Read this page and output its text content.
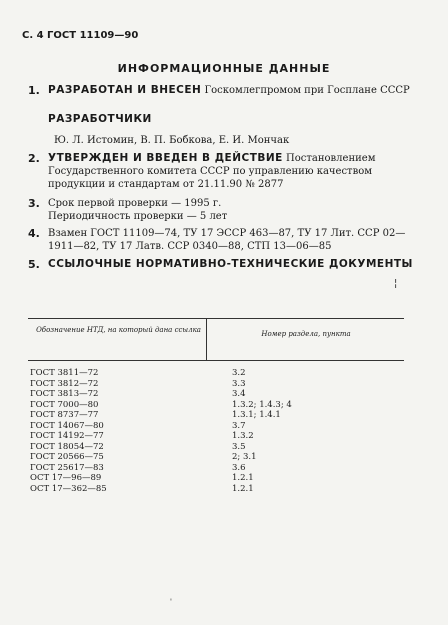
С. 4 ГОСТ 11109—90
ИНФОРМАЦИОННЫЕ ДАННЫЕ
1. РАЗРАБОТАН И ВНЕСЕН Госкомлегпромом при Госплане СССР
РАЗРАБОТЧИКИ
Ю. Л. Истомин, В. П. Бобкова, Е. И. Мончак
2. УТВЕРЖДЕН И ВВЕДЕН В ДЕЙСТВИЕ Постановлением Государственного комитета СССР по управлению качеством продукции и стандартам от 21.11.90 № 2877
3. Срок первой проверки — 1995 г.
Периодичность проверки — 5 лет
4. Взамен ГОСТ 11109—74, ТУ 17 ЭССР 463—87, ТУ 17 Лит. ССР 02—1911—82, ТУ 17 Латв. ССР 0340—88, СТП 13—06—85
5. ССЫЛОЧНЫЕ НОРМАТИВНО-ТЕХНИЧЕСКИЕ ДОКУМЕНТЫ
Обозначение НТД, на который дана ссылка	Номер раздела, пункта
ГОСТ 3811—72	3.2
ГОСТ 3812—72	3.3
ГОСТ 3813—72	3.4
ГОСТ 7000—80	1.3.2; 1.4.3; 4
ГОСТ 8737—77	1.3.1; 1.4.1
ГОСТ 14067—80	3.7
ГОСТ 14192—77	1.3.2
ГОСТ 18054—72	3.5
ГОСТ 20566—75	2; 3.1
ГОСТ 25617—83	3.6
ОСТ 17—96—89	1.2.1
ОСТ 17—362—85	1.2.1
¦
'
